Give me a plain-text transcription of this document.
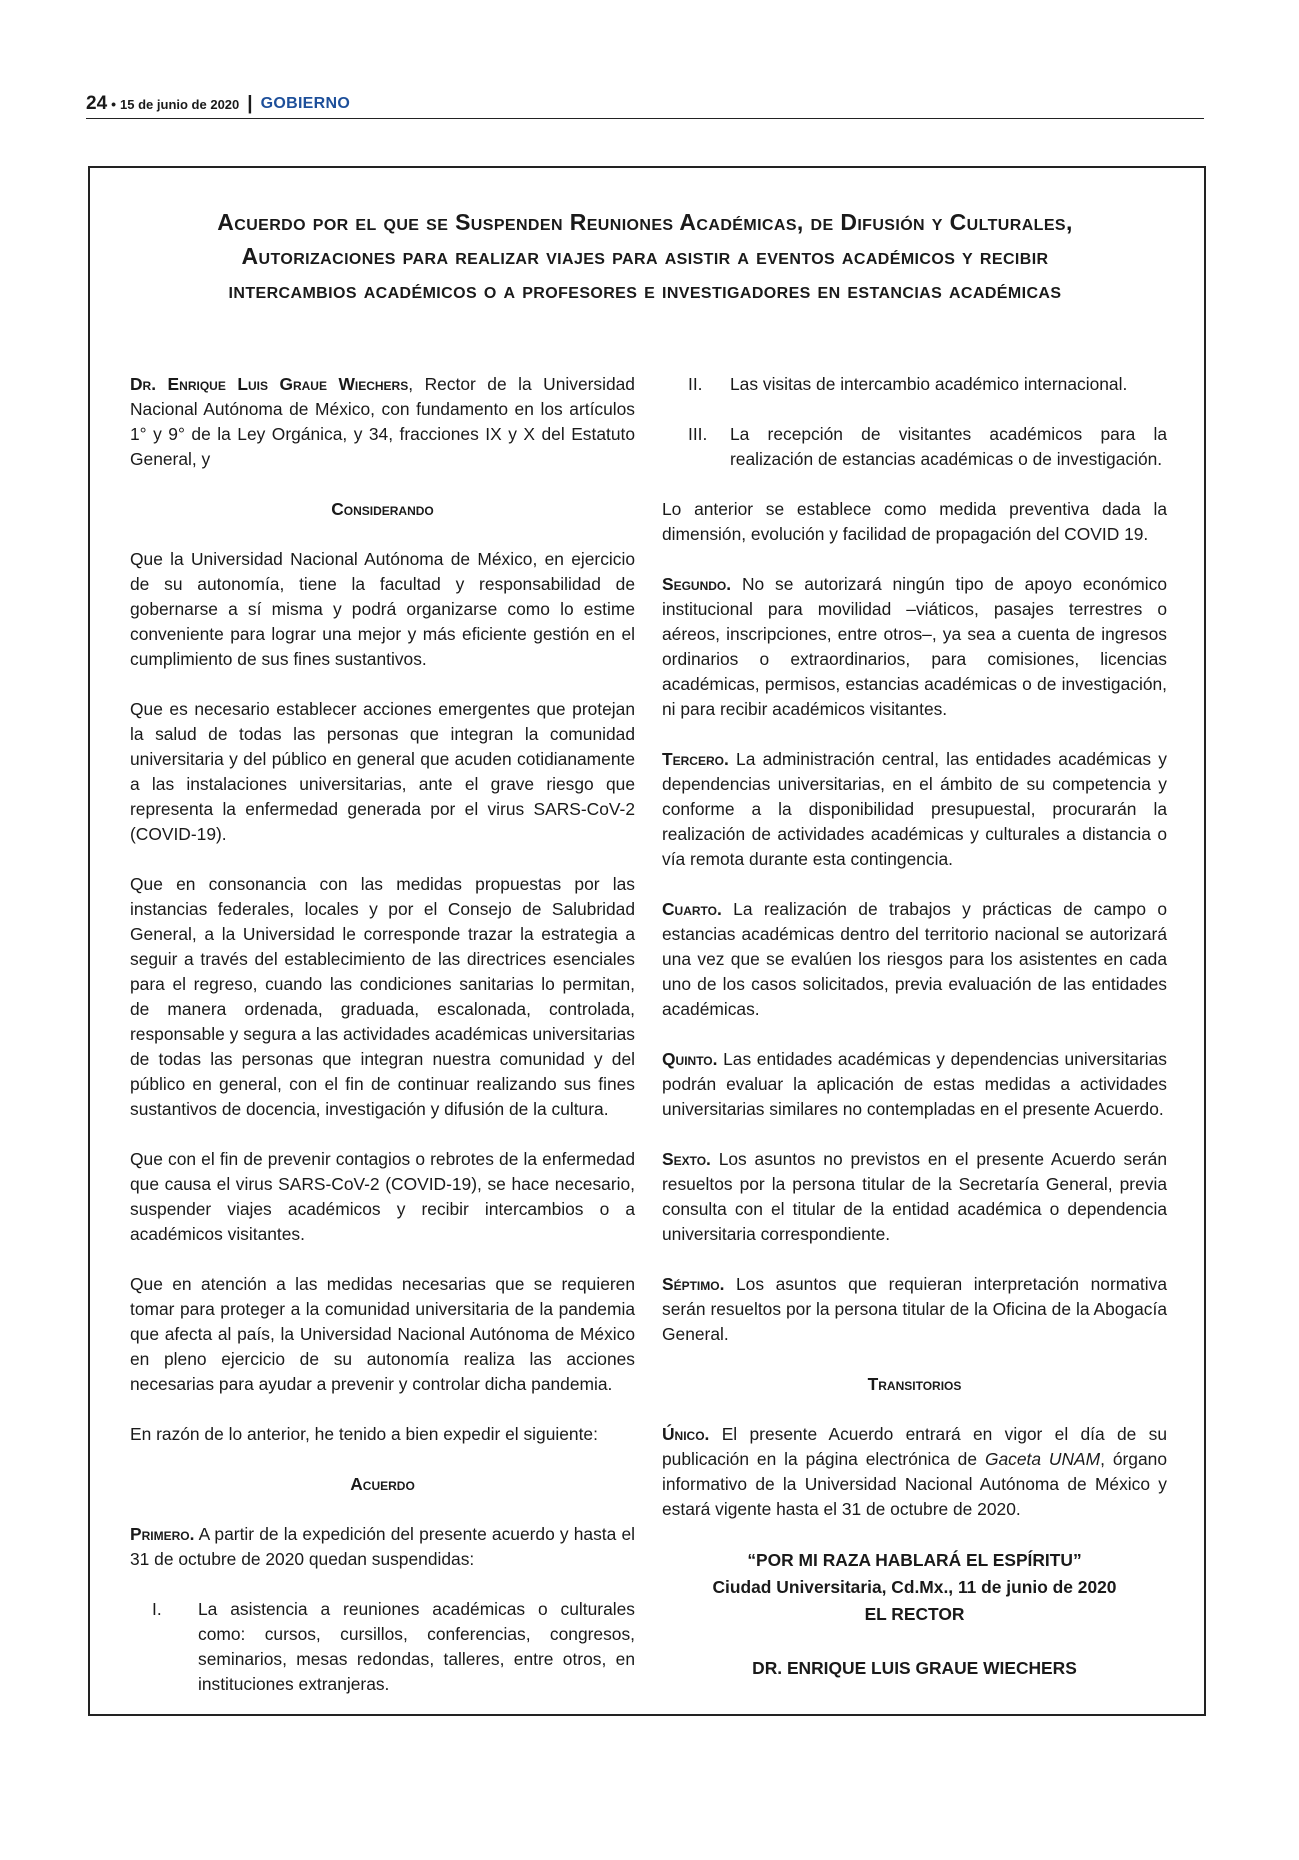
24 • 15 de junio de 2020 | GOBIERNO
Acuerdo por el que se Suspenden Reuniones Académicas, de Difusión y Culturales,
Autorizaciones para realizar viajes para asistir a eventos académicos y recibir
intercambios académicos o a profesores e investigadores en estancias académicas

Dr. Enrique Luis Graue Wiechers, Rector de la Universidad Nacional Autónoma de México, con fundamento en los artículos 1° y 9° de la Ley Orgánica, y 34, fracciones IX y X del Estatuto General, y

Considerando

Que la Universidad Nacional Autónoma de México, en ejercicio de su autonomía, tiene la facultad y responsabilidad de gobernarse a sí misma y podrá organizarse como lo estime conveniente para lograr una mejor y más eficiente gestión en el cumplimiento de sus fines sustantivos.

Que es necesario establecer acciones emergentes que protejan la salud de todas las personas que integran la comunidad universitaria y del público en general que acuden cotidianamente a las instalaciones universitarias, ante el grave riesgo que representa la enfermedad generada por el virus SARS-CoV-2 (COVID-19).

Que en consonancia con las medidas propuestas por las instancias federales, locales y por el Consejo de Salubridad General, a la Universidad le corresponde trazar la estrategia a seguir a través del establecimiento de las directrices esenciales para el regreso, cuando las condiciones sanitarias lo permitan, de manera ordenada, graduada, escalonada, controlada, responsable y segura a las actividades académicas universitarias de todas las personas que integran nuestra comunidad y del público en general, con el fin de continuar realizando sus fines sustantivos de docencia, investigación y difusión de la cultura.

Que con el fin de prevenir contagios o rebrotes de la enfermedad que causa el virus SARS-CoV-2 (COVID-19), se hace necesario, suspender viajes académicos y recibir intercambios o a académicos visitantes.

Que en atención a las medidas necesarias que se requieren tomar para proteger a la comunidad universitaria de la pandemia que afecta al país, la Universidad Nacional Autónoma de México en pleno ejercicio de su autonomía realiza las acciones necesarias para ayudar a prevenir y controlar dicha pandemia.

En razón de lo anterior, he tenido a bien expedir el siguiente:

Acuerdo

Primero. A partir de la expedición del presente acuerdo y hasta el 31 de octubre de 2020 quedan suspendidas:

I.	La asistencia a reuniones académicas o culturales como: cursos, cursillos, conferencias, congresos, seminarios, mesas redondas, talleres, entre otros, en instituciones extranjeras.
II.	Las visitas de intercambio académico internacional.
III.	La recepción de visitantes académicos para la realización de estancias académicas o de investigación.

Lo anterior se establece como medida preventiva dada la dimensión, evolución y facilidad de propagación del COVID 19.

Segundo. No se autorizará ningún tipo de apoyo económico institucional para movilidad –viáticos, pasajes terrestres o aéreos, inscripciones, entre otros–, ya sea a cuenta de ingresos ordinarios o extraordinarios, para comisiones, licencias académicas, permisos, estancias académicas o de investigación, ni para recibir académicos visitantes.

Tercero. La administración central, las entidades académicas y dependencias universitarias, en el ámbito de su competencia y conforme a la disponibilidad presupuestal, procurarán la realización de actividades académicas y culturales a distancia o vía remota durante esta contingencia.

Cuarto. La realización de trabajos y prácticas de campo o estancias académicas dentro del territorio nacional se autorizará una vez que se evalúen los riesgos para los asistentes en cada uno de los casos solicitados, previa evaluación de las entidades académicas.

Quinto. Las entidades académicas y dependencias universitarias podrán evaluar la aplicación de estas medidas a actividades universitarias similares no contempladas en el presente Acuerdo.

Sexto. Los asuntos no previstos en el presente Acuerdo serán resueltos por la persona titular de la Secretaría General, previa consulta con el titular de la entidad académica o dependencia universitaria correspondiente.

Séptimo. Los asuntos que requieran interpretación normativa serán resueltos por la persona titular de la Oficina de la Abogacía General.

Transitorios

Único. El presente Acuerdo entrará en vigor el día de su publicación en la página electrónica de Gaceta UNAM, órgano informativo de la Universidad Nacional Autónoma de México y estará vigente hasta el 31 de octubre de 2020.

“POR MI RAZA HABLARÁ EL ESPÍRITU”
Ciudad Universitaria, Cd.Mx., 11 de junio de 2020
EL RECTOR
DR. ENRIQUE LUIS GRAUE WIECHERS
